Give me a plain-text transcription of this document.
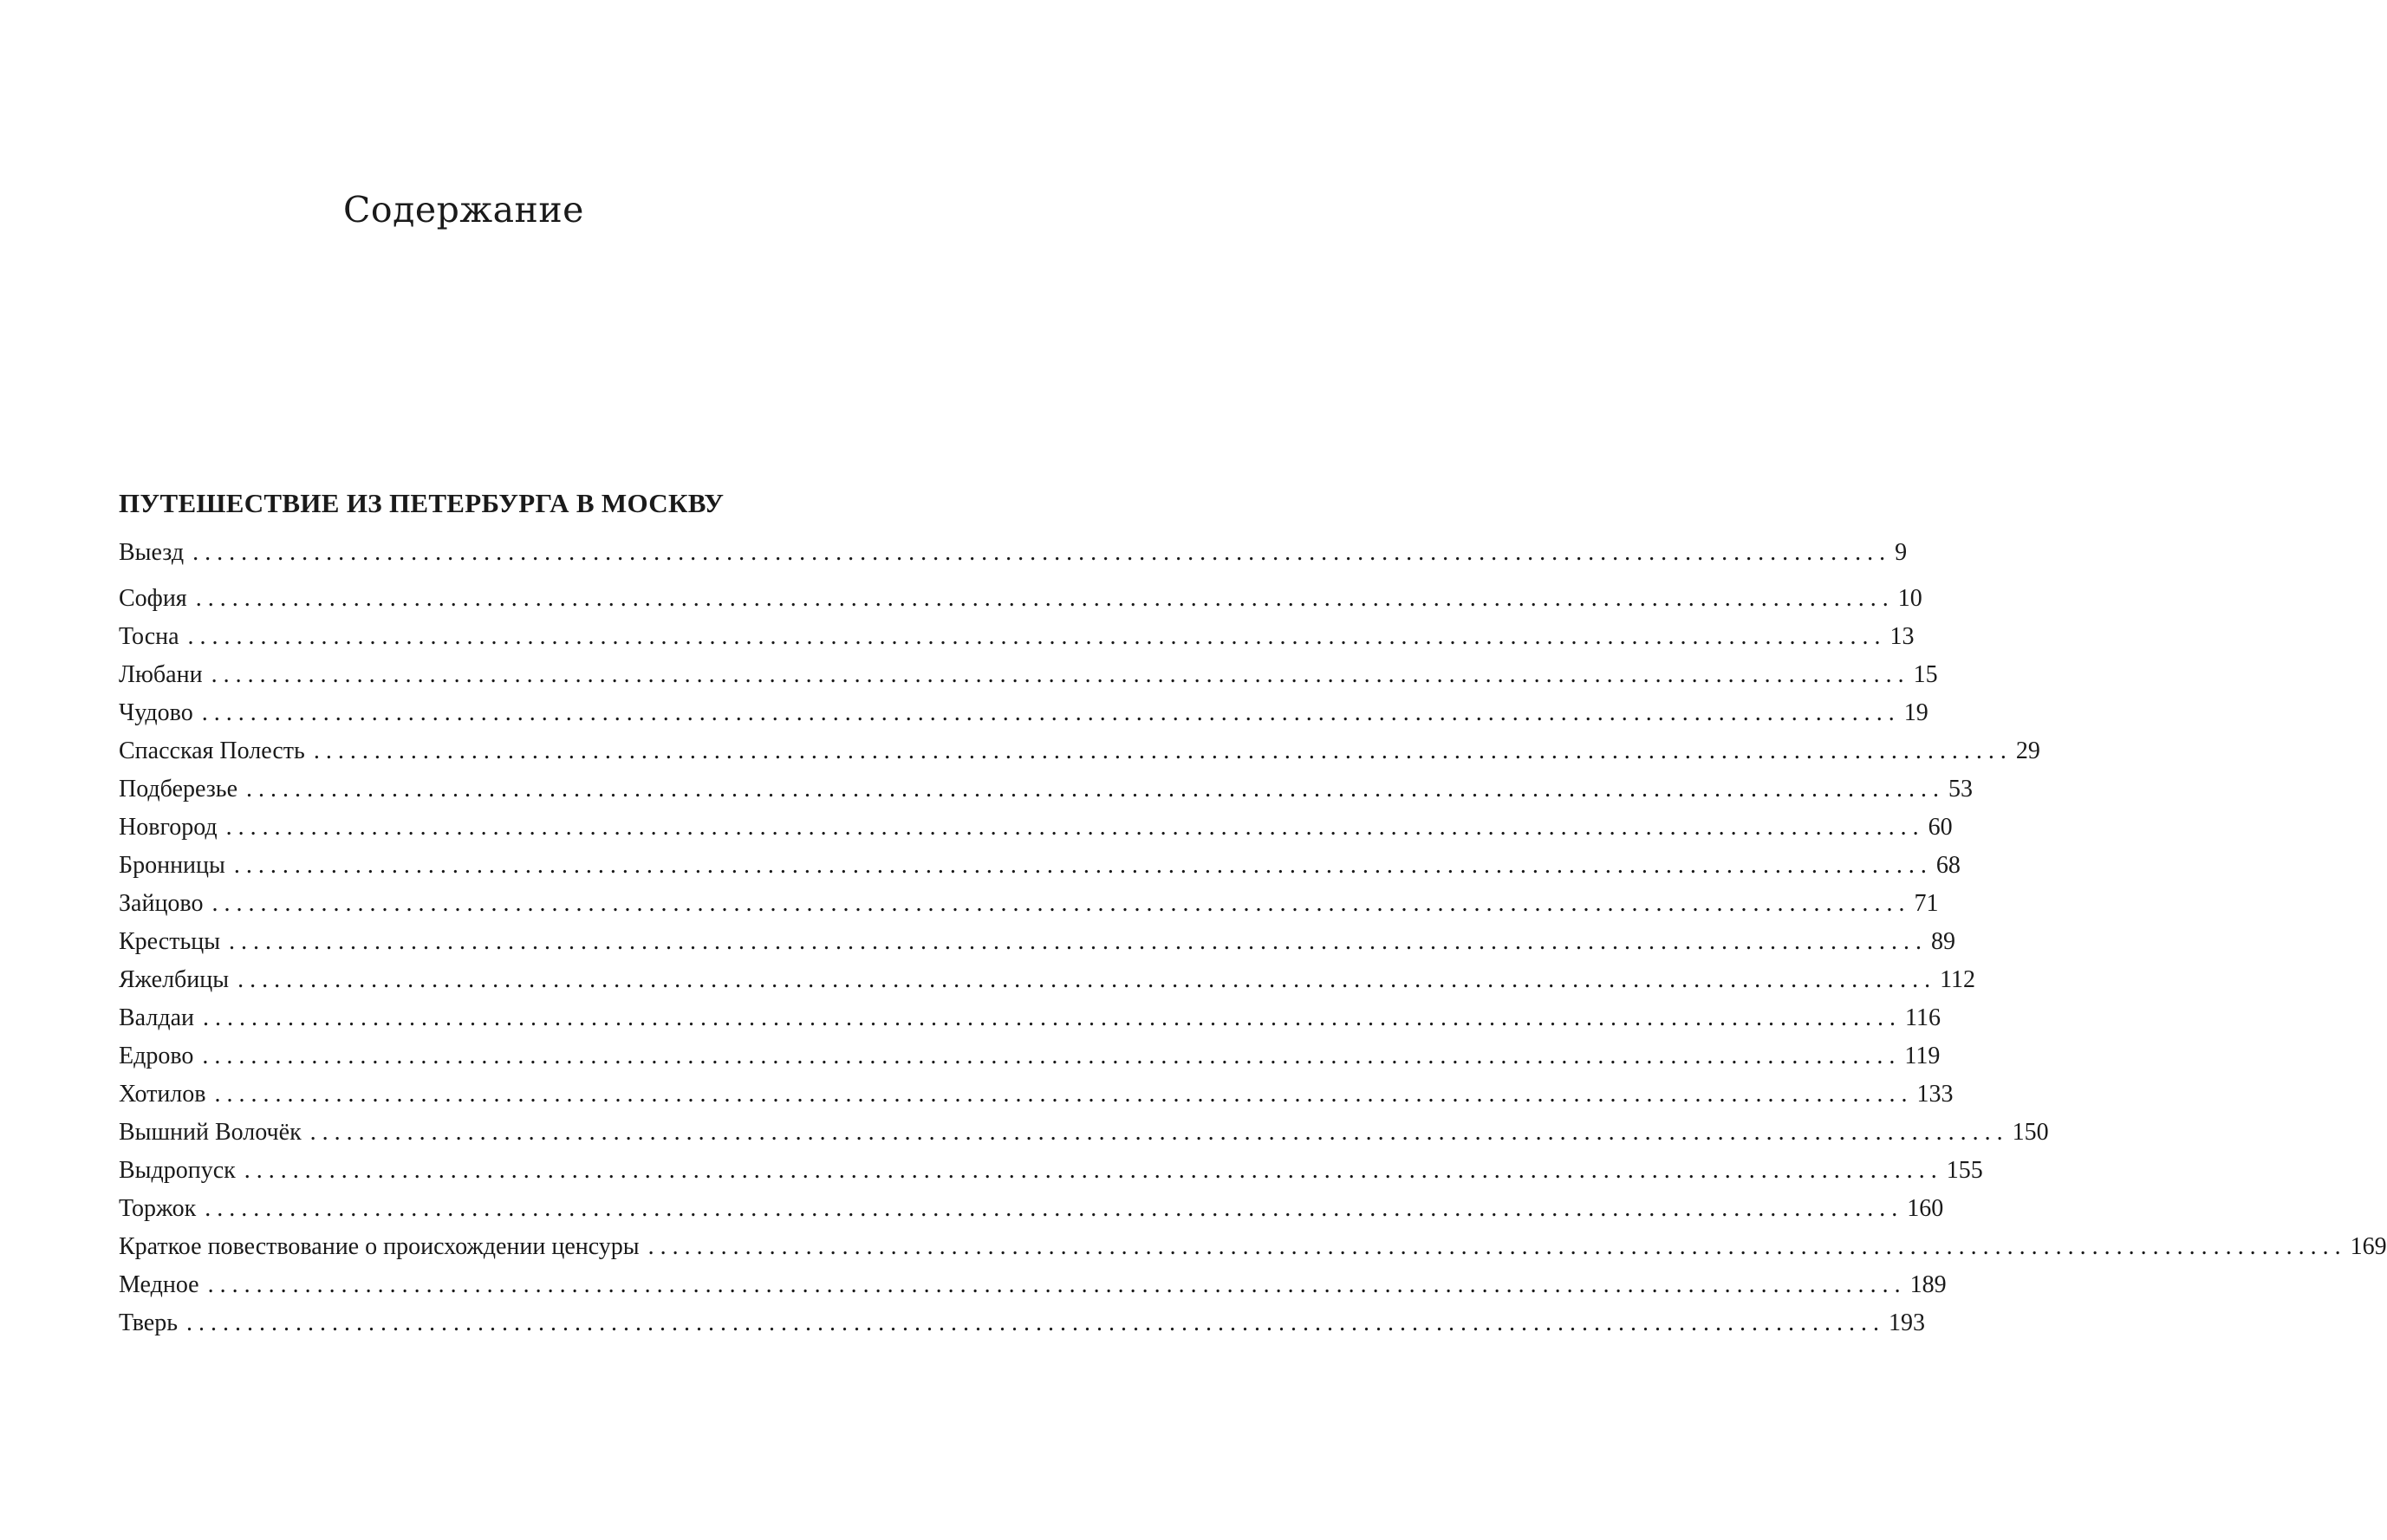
Содержание
ПУТЕШЕСТВИЕ ИЗ ПЕТЕРБУРГА В МОСКВУ
Выезд ............................................................................................................................................ 9
София ............................................................................................................................................ 10
Тосна ............................................................................................................................................ 13
Любани ............................................................................................................................................ 15
Чудово ............................................................................................................................................ 19
Спасская Полесть ............................................................................................................................................ 29
Подберезье ............................................................................................................................................ 53
Новгород ............................................................................................................................................ 60
Бронницы ............................................................................................................................................ 68
Зайцово ............................................................................................................................................ 71
Крестьцы ............................................................................................................................................ 89
Яжелбицы ............................................................................................................................................ 112
Валдаи ............................................................................................................................................ 116
Едрово ............................................................................................................................................ 119
Хотилов ............................................................................................................................................ 133
Вышний Волочёк ............................................................................................................................................ 150
Выдропуск ............................................................................................................................................ 155
Торжок ............................................................................................................................................ 160
Краткое повествование о происхождении ценсуры ............................................................................................................................................ 169
Медное ............................................................................................................................................ 189
Тверь ............................................................................................................................................ 193
